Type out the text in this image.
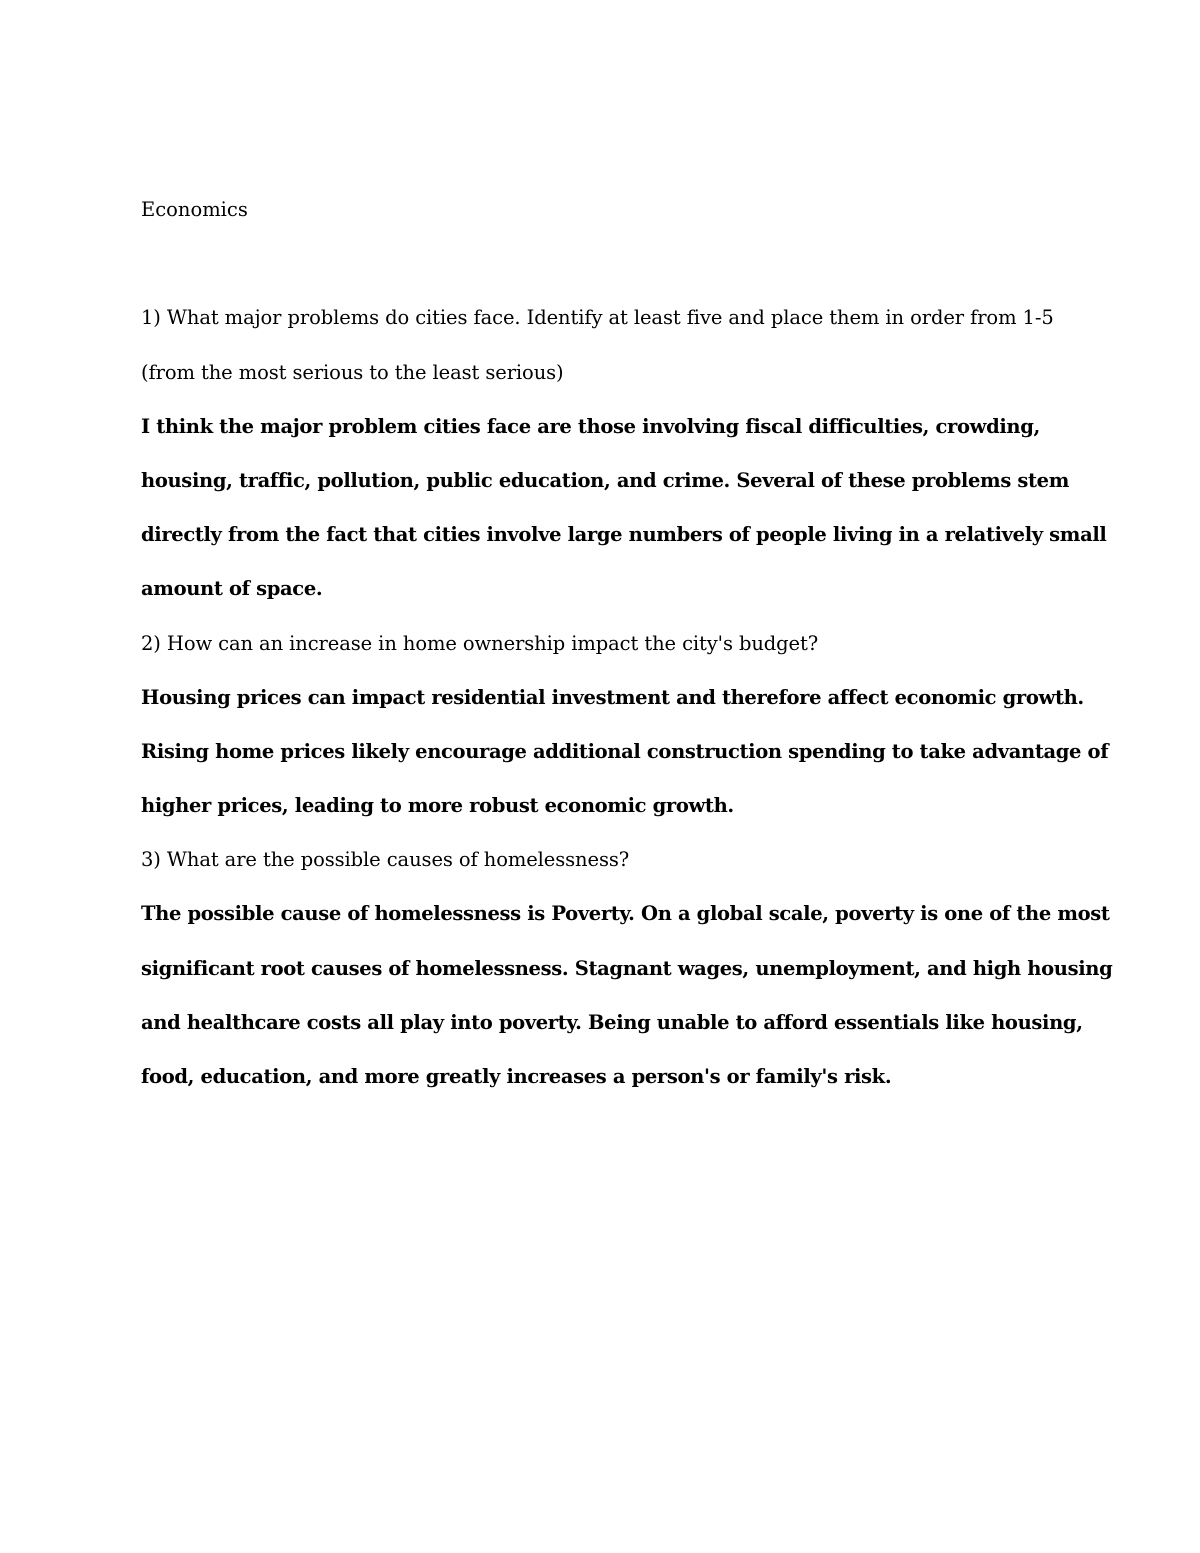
Economics
1) What major problems do cities face. Identify at least five and place them in order from 1-5
(from the most serious to the least serious)
I think the major problem cities face are those involving fiscal difficulties, crowding,
housing, traffic, pollution, public education, and crime. Several of these problems stem
directly from the fact that cities involve large numbers of people living in a relatively small
amount of space.
2) How can an increase in home ownership impact the city's budget?
Housing prices can impact residential investment and therefore affect economic growth.
Rising home prices likely encourage additional construction spending to take advantage of
higher prices, leading to more robust economic growth.
3) What are the possible causes of homelessness?
The possible cause of homelessness is Poverty. On a global scale, poverty is one of the most
significant root causes of homelessness. Stagnant wages, unemployment, and high housing
and healthcare costs all play into poverty. Being unable to afford essentials like housing,
food, education, and more greatly increases a person's or family's risk.
